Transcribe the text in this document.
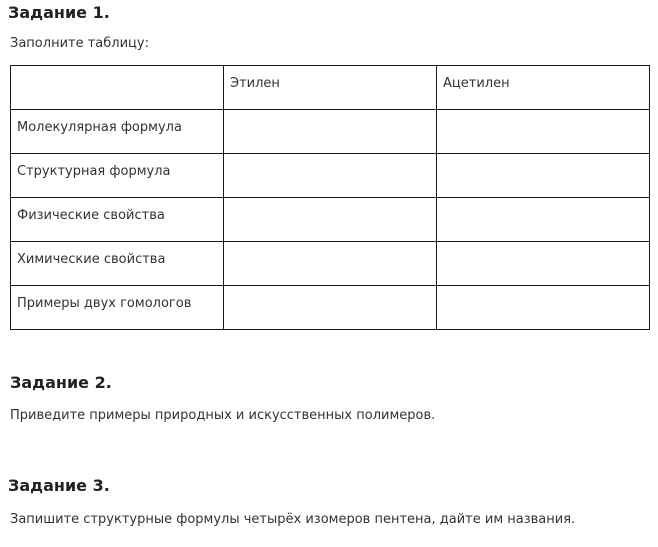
Задание 1.

Заполните таблицу:

	Этилен	Ацетилен

Молекулярная формула		

Структурная формула		

Физические свойства		

Химические свойства		

Примеры двух гомологов		

Задание 2.

Приведите примеры природных и искусственных полимеров.

Задание 3.

Запишите структурные формулы четырёх изомеров пентена, дайте им названия.
